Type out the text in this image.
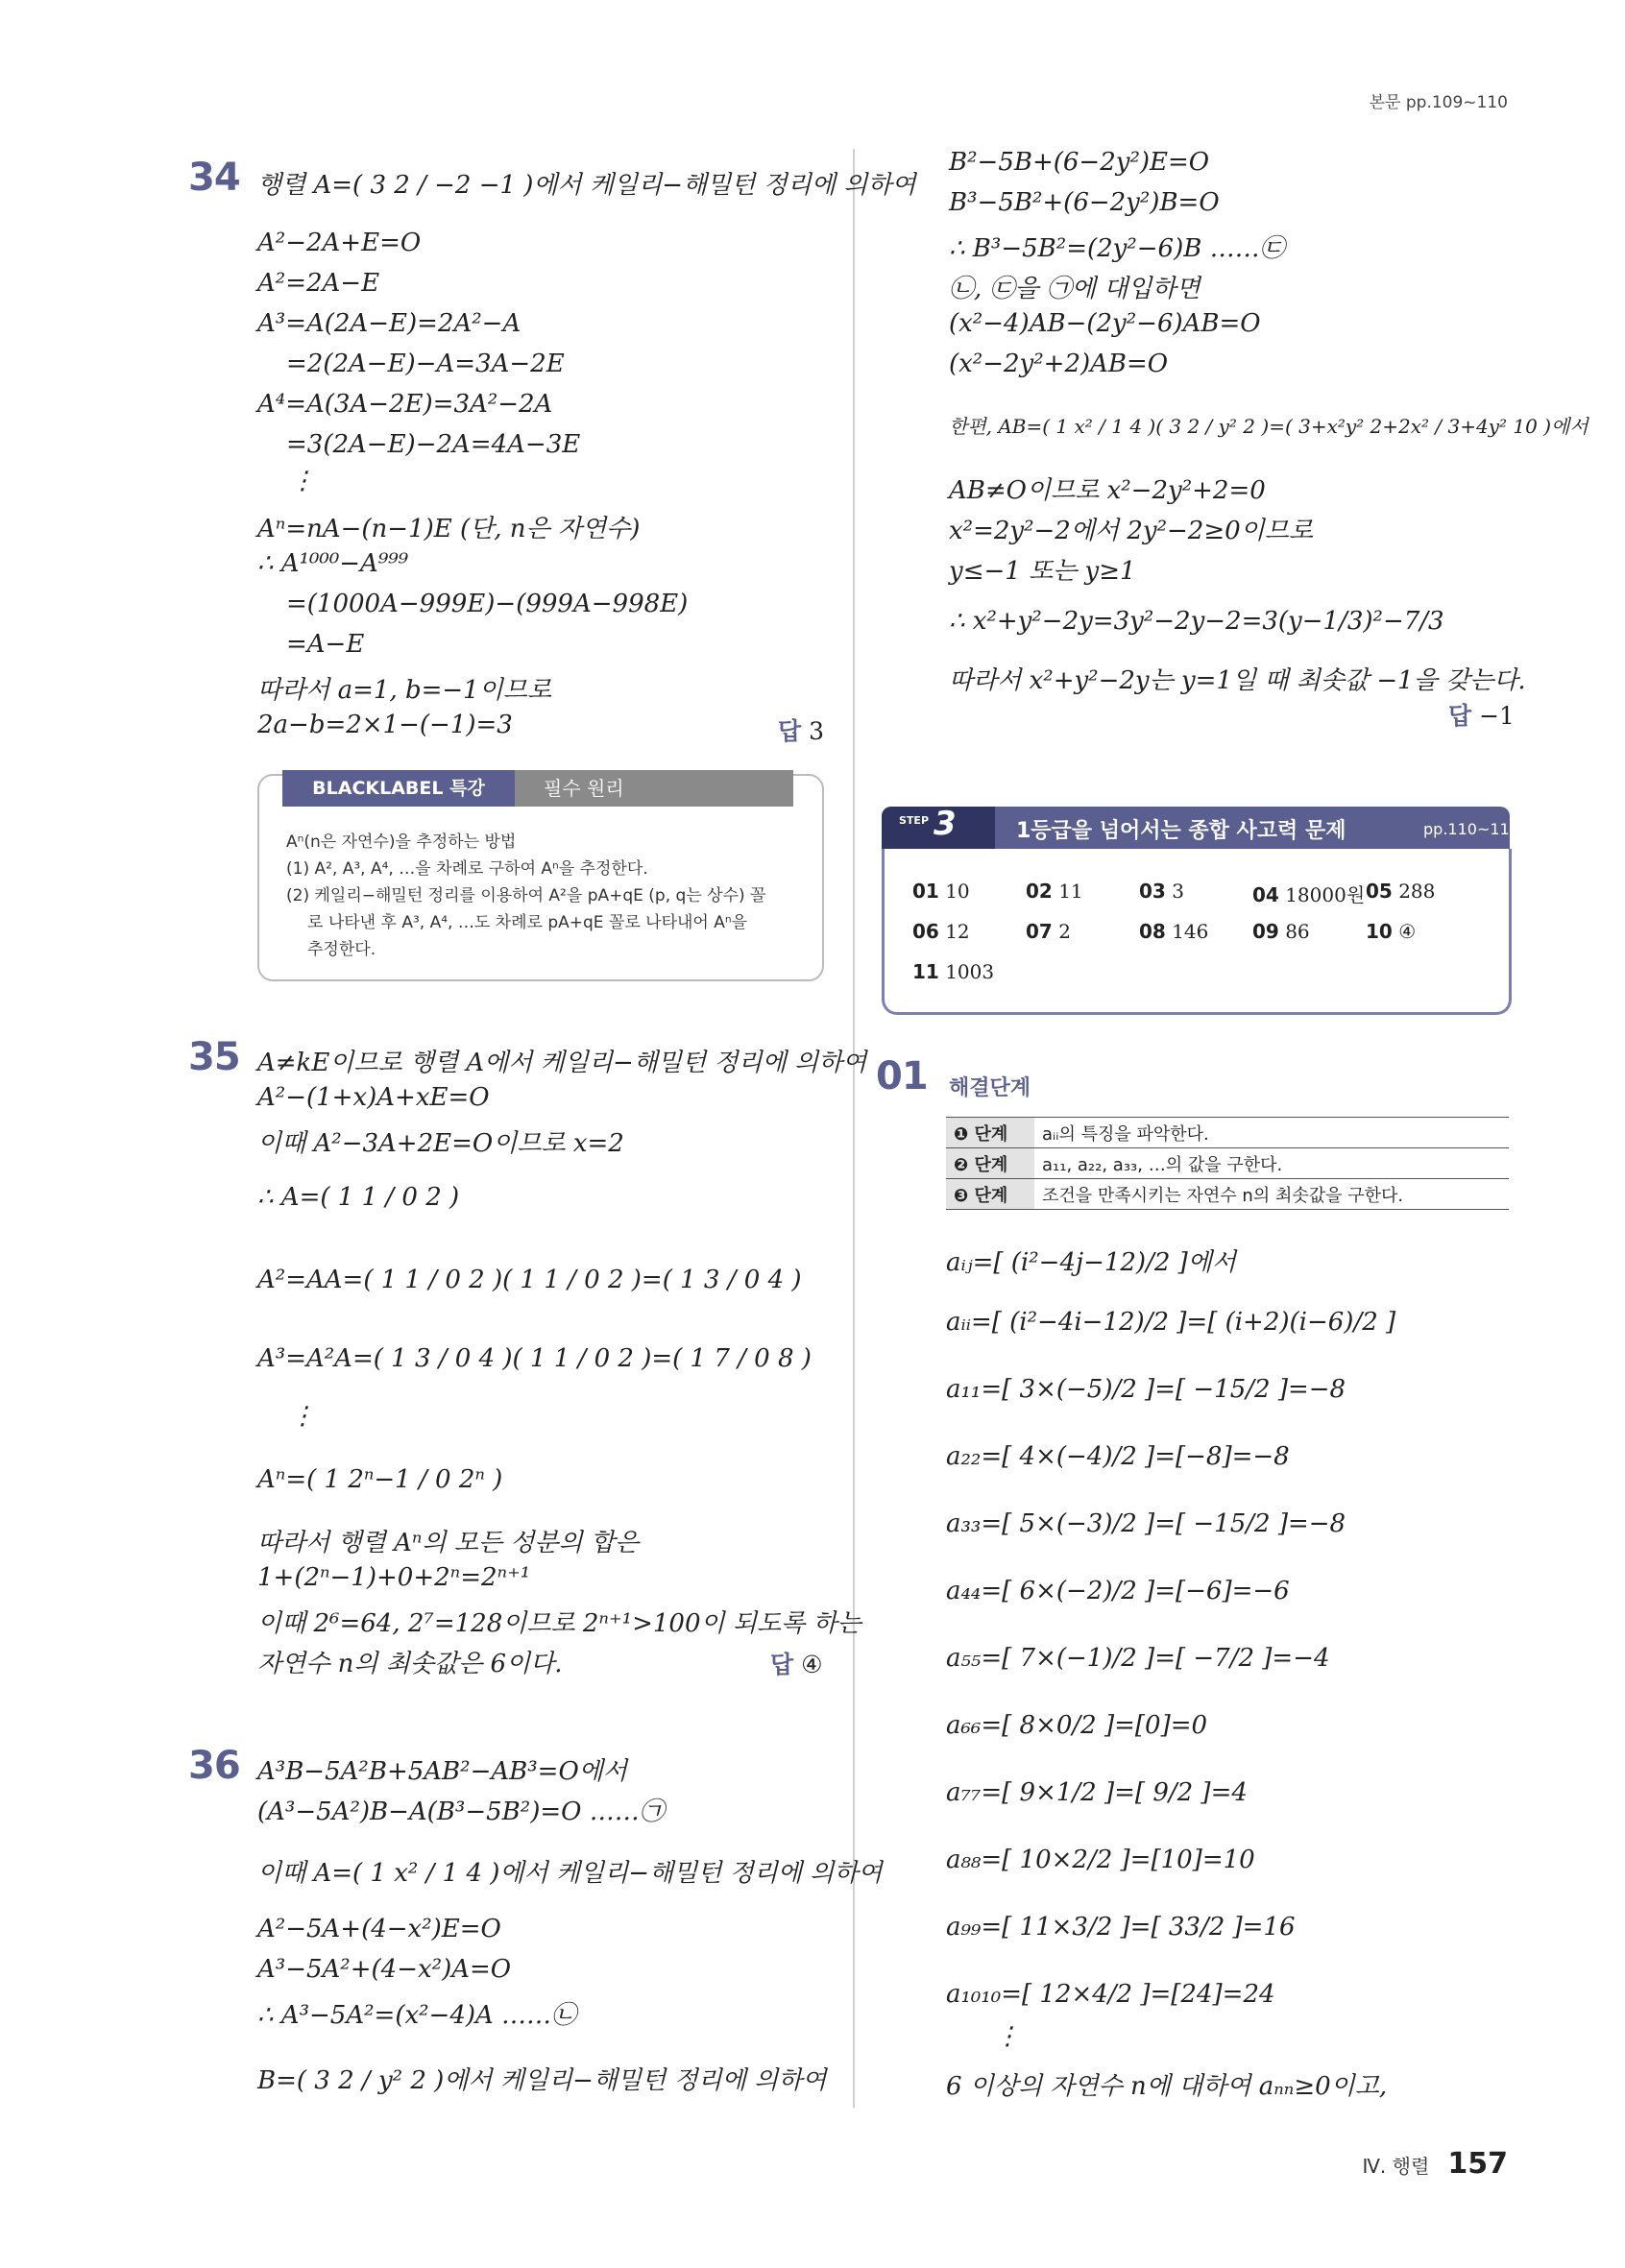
본문 pp.109~110
34 행렬 A=( 3 2 / −2 −1 )에서 케일리−해밀턴 정리에 의하여
A²−2A+E=O
A²=2A−E
A³=A(2A−E)=2A²−A
=2(2A−E)−A=3A−2E
A⁴=A(3A−2E)=3A²−2A
=3(2A−E)−2A=4A−3E
⋮
Aⁿ=nA−(n−1)E (단, n은 자연수)
∴ A¹⁰⁰⁰−A⁹⁹⁹
=(1000A−999E)−(999A−998E)
=A−E
따라서 a=1, b=−1이므로
2a−b=2×1−(−1)=3	답 3
BLACKLABEL 특강	필수 원리
Aⁿ(n은 자연수)을 추정하는 방법
(1) A², A³, A⁴, …을 차례로 구하여 Aⁿ을 추정한다.
(2) 케일리−해밀턴 정리를 이용하여 A²을 pA+qE (p, q는 상수) 꼴
로 나타낸 후 A³, A⁴, …도 차례로 pA+qE 꼴로 나타내어 Aⁿ을
추정한다.
35 A≠kE이므로 행렬 A에서 케일리−해밀턴 정리에 의하여
A²−(1+x)A+xE=O
이때 A²−3A+2E=O이므로 x=2
∴ A=( 1 1 / 0 2 )
A²=AA=( 1 1 / 0 2 )( 1 1 / 0 2 )=( 1 3 / 0 4 )
A³=A²A=( 1 3 / 0 4 )( 1 1 / 0 2 )=( 1 7 / 0 8 )
⋮
Aⁿ=( 1 2ⁿ−1 / 0 2ⁿ )
따라서 행렬 Aⁿ의 모든 성분의 합은
1+(2ⁿ−1)+0+2ⁿ=2ⁿ⁺¹
이때 2⁶=64, 2⁷=128이므로 2ⁿ⁺¹>100이 되도록 하는
자연수 n의 최솟값은 6이다.	답 ④
36 A³B−5A²B+5AB²−AB³=O에서
(A³−5A²)B−A(B³−5B²)=O ……㉠
이때 A=( 1 x² / 1 4 )에서 케일리−해밀턴 정리에 의하여
A²−5A+(4−x²)E=O
A³−5A²+(4−x²)A=O
∴ A³−5A²=(x²−4)A ……㉡
B=( 3 2 / y² 2 )에서 케일리−해밀턴 정리에 의하여
B²−5B+(6−2y²)E=O
B³−5B²+(6−2y²)B=O
∴ B³−5B²=(2y²−6)B ……㉢
㉡, ㉢을 ㉠에 대입하면
(x²−4)AB−(2y²−6)AB=O
(x²−2y²+2)AB=O
한편, AB=( 1 x² / 1 4 )( 3 2 / y² 2 )=( 3+x²y² 2+2x² / 3+4y² 10 )에서
AB≠O이므로 x²−2y²+2=0
x²=2y²−2에서 2y²−2≥0이므로
y≤−1 또는 y≥1
∴ x²+y²−2y=3y²−2y−2=3(y−1/3)²−7/3
따라서 x²+y²−2y는 y=1일 때 최솟값 −1을 갖는다.
답 −1
STEP 3	1등급을 넘어서는 종합 사고력 문제	pp.110~111
01 10	02 11	03 3	04 18000원 05 288
06 12	07 2	08 146 09 86	10 ④
11 1003
01 해결단계
❶ 단계	aᵢᵢ의 특징을 파악한다.
❷ 단계	a₁₁, a₂₂, a₃₃, …의 값을 구한다.
❸ 단계	조건을 만족시키는 자연수 n의 최솟값을 구한다.
aᵢⱼ=[ (i²−4j−12)/2 ]에서
aᵢᵢ=[ (i²−4i−12)/2 ]=[ (i+2)(i−6)/2 ]
a₁₁=[ 3×(−5)/2 ]=[ −15/2 ]=−8
a₂₂=[ 4×(−4)/2 ]=[−8]=−8
a₃₃=[ 5×(−3)/2 ]=[ −15/2 ]=−8
a₄₄=[ 6×(−2)/2 ]=[−6]=−6
a₅₅=[ 7×(−1)/2 ]=[ −7/2 ]=−4
a₆₆=[ 8×0/2 ]=[0]=0
a₇₇=[ 9×1/2 ]=[ 9/2 ]=4
a₈₈=[ 10×2/2 ]=[10]=10
a₉₉=[ 11×3/2 ]=[ 33/2 ]=16
a₁₀₁₀=[ 12×4/2 ]=[24]=24
⋮
6 이상의 자연수 n에 대하여 aₙₙ≥0이고,
Ⅳ. 행렬 157
